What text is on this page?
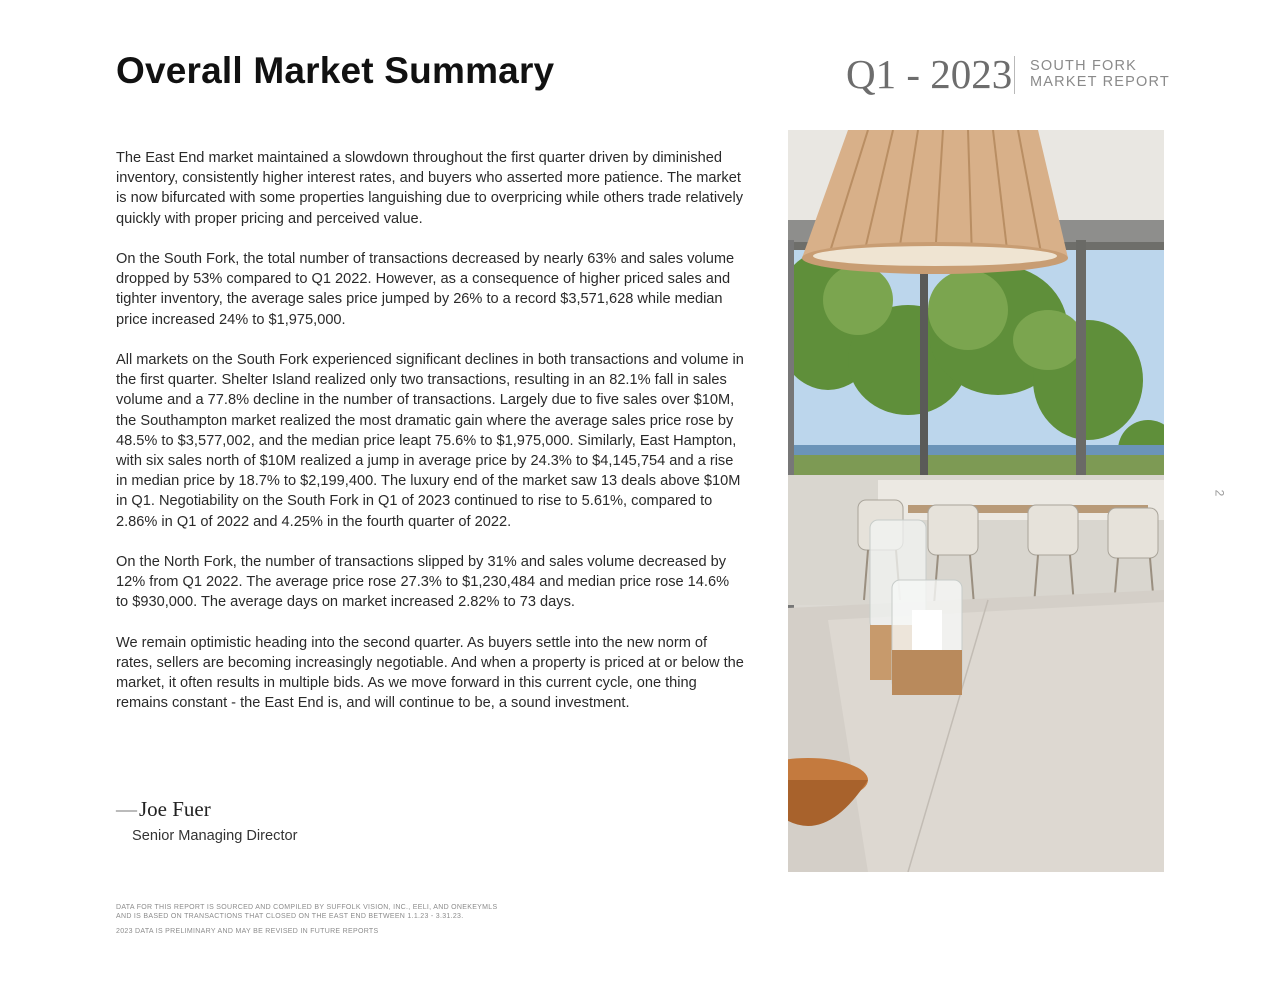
Overall Market Summary	Q1 - 2023 SOUTH FORK
MARKET REPORT

The East End market maintained a slowdown throughout the first quarter driven by diminished inventory, consistently higher interest rates, and buyers who asserted more patience. The market is now bifurcated with some properties languishing due to overpricing while others trade relatively quickly with proper pricing and perceived value.

On the South Fork, the total number of transactions decreased by nearly 63% and sales volume dropped by 53% compared to Q1 2022. However, as a consequence of higher priced sales and tighter inventory, the average sales price jumped by 26% to a record $3,571,628 while median price increased 24% to $1,975,000.

All markets on the South Fork experienced significant declines in both transactions and volume in the first quarter. Shelter Island realized only two transactions, resulting in an 82.1% fall in sales volume and a 77.8% decline in the number of transactions. Largely due to five sales over $10M, the Southampton market realized the most dramatic gain where the average sales price rose by 48.5% to $3,577,002, and the median price leapt 75.6% to $1,975,000. Similarly, East Hampton, with six sales north of $10M realized a jump in average price by 24.3% to $4,145,754 and a rise in median price by 18.7% to $2,199,400. The luxury end of the market saw 13 deals above $10M in Q1. Negotiability on the South Fork in Q1 of 2023 continued to rise to 5.61%, compared to 2.86% in Q1 of 2022 and 4.25% in the fourth quarter of 2022.

On the North Fork, the number of transactions slipped by 31% and sales volume decreased by 12% from Q1 2022. The average price rose 27.3% to $1,230,484 and median price rose 14.6% to $930,000. The average days on market increased 2.82% to 73 days.

We remain optimistic heading into the second quarter. As buyers settle into the new norm of rates, sellers are becoming increasingly negotiable. And when a property is priced at or below the market, it often results in multiple bids. As we move forward in this current cycle, one thing remains constant - the East End is, and will continue to be, a sound investment.

—Joe Fuer
Senior Managing Director
DATA FOR THIS REPORT IS SOURCED AND COMPILED BY SUFFOLK VISION, INC., EELI, AND ONEKEYMLS
AND IS BASED ON TRANSACTIONS THAT CLOSED ON THE EAST END BETWEEN 1.1.23 - 3.31.23.
2023 DATA IS PRELIMINARY AND MAY BE REVISED IN FUTURE REPORTS
2
